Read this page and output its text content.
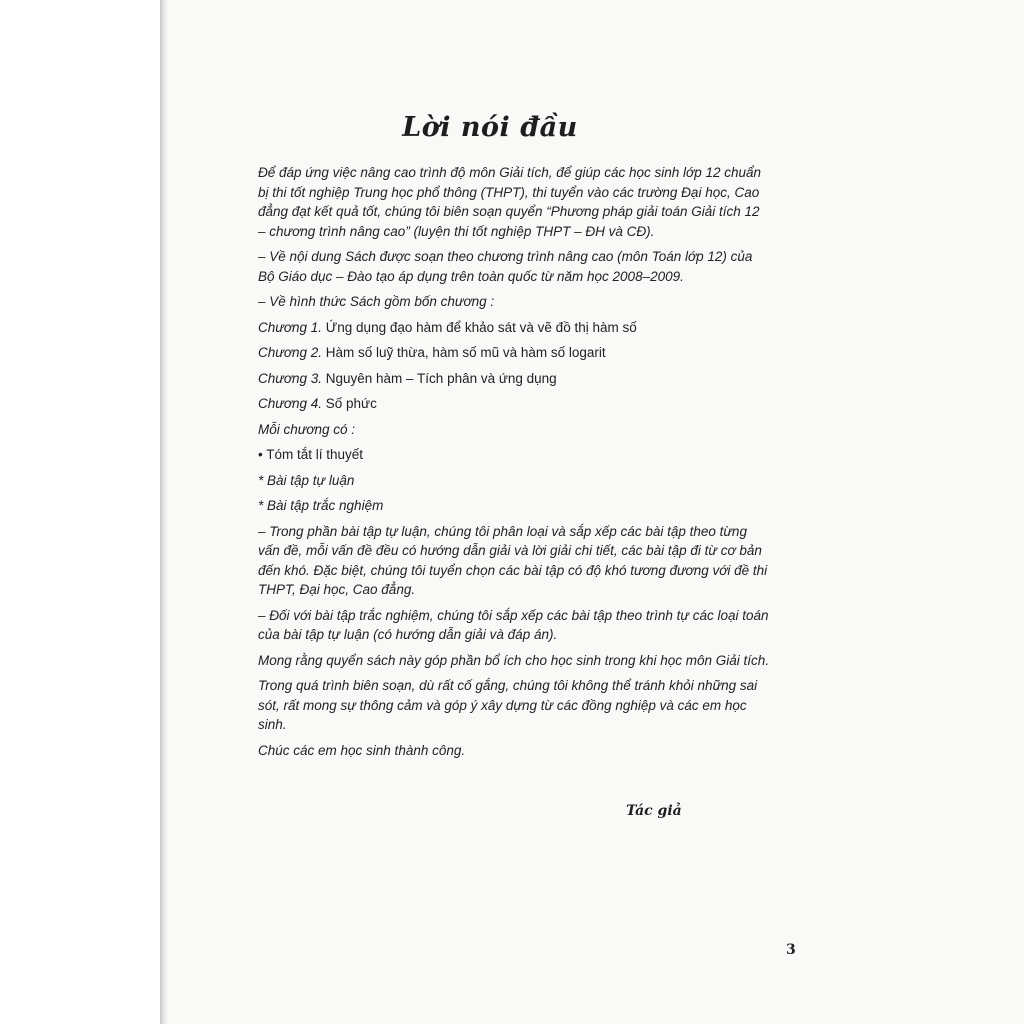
Lời nói đầu

Để đáp ứng việc nâng cao trình độ môn Giải tích, để giúp các học sinh lớp 12 chuẩn bị thi tốt nghiệp Trung học phổ thông (THPT), thi tuyển vào các trường Đại học, Cao đẳng đạt kết quả tốt, chúng tôi biên soạn quyển “Phương pháp giải toán Giải tích 12 – chương trình nâng cao” (luyện thi tốt nghiệp THPT – ĐH và CĐ).

– Về nội dung Sách được soạn theo chương trình nâng cao (môn Toán lớp 12) của Bộ Giáo dục – Đào tạo áp dụng trên toàn quốc từ năm học 2008–2009.

– Về hình thức Sách gồm bốn chương :

Chương 1. Ứng dụng đạo hàm để khảo sát và vẽ đồ thị hàm số

Chương 2. Hàm số luỹ thừa, hàm số mũ và hàm số logarit

Chương 3. Nguyên hàm – Tích phân và ứng dụng

Chương 4. Số phức

Mỗi chương có :

• Tóm tắt lí thuyết

* Bài tập tự luận

* Bài tập trắc nghiệm

– Trong phần bài tập tự luận, chúng tôi phân loại và sắp xếp các bài tập theo từng vấn đề, mỗi vấn đề đều có hướng dẫn giải và lời giải chi tiết, các bài tập đi từ cơ bản đến khó. Đặc biệt, chúng tôi tuyển chọn các bài tập có độ khó tương đương với đề thi THPT, Đại học, Cao đẳng.

– Đối với bài tập trắc nghiệm, chúng tôi sắp xếp các bài tập theo trình tự các loại toán của bài tập tự luận (có hướng dẫn giải và đáp án).

Mong rằng quyển sách này góp phần bổ ích cho học sinh trong khi học môn Giải tích.

Trong quá trình biên soạn, dù rất cố gắng, chúng tôi không thể tránh khỏi những sai sót, rất mong sự thông cảm và góp ý xây dựng từ các đồng nghiệp và các em học sinh.

Chúc các em học sinh thành công.

Tác giả
3
